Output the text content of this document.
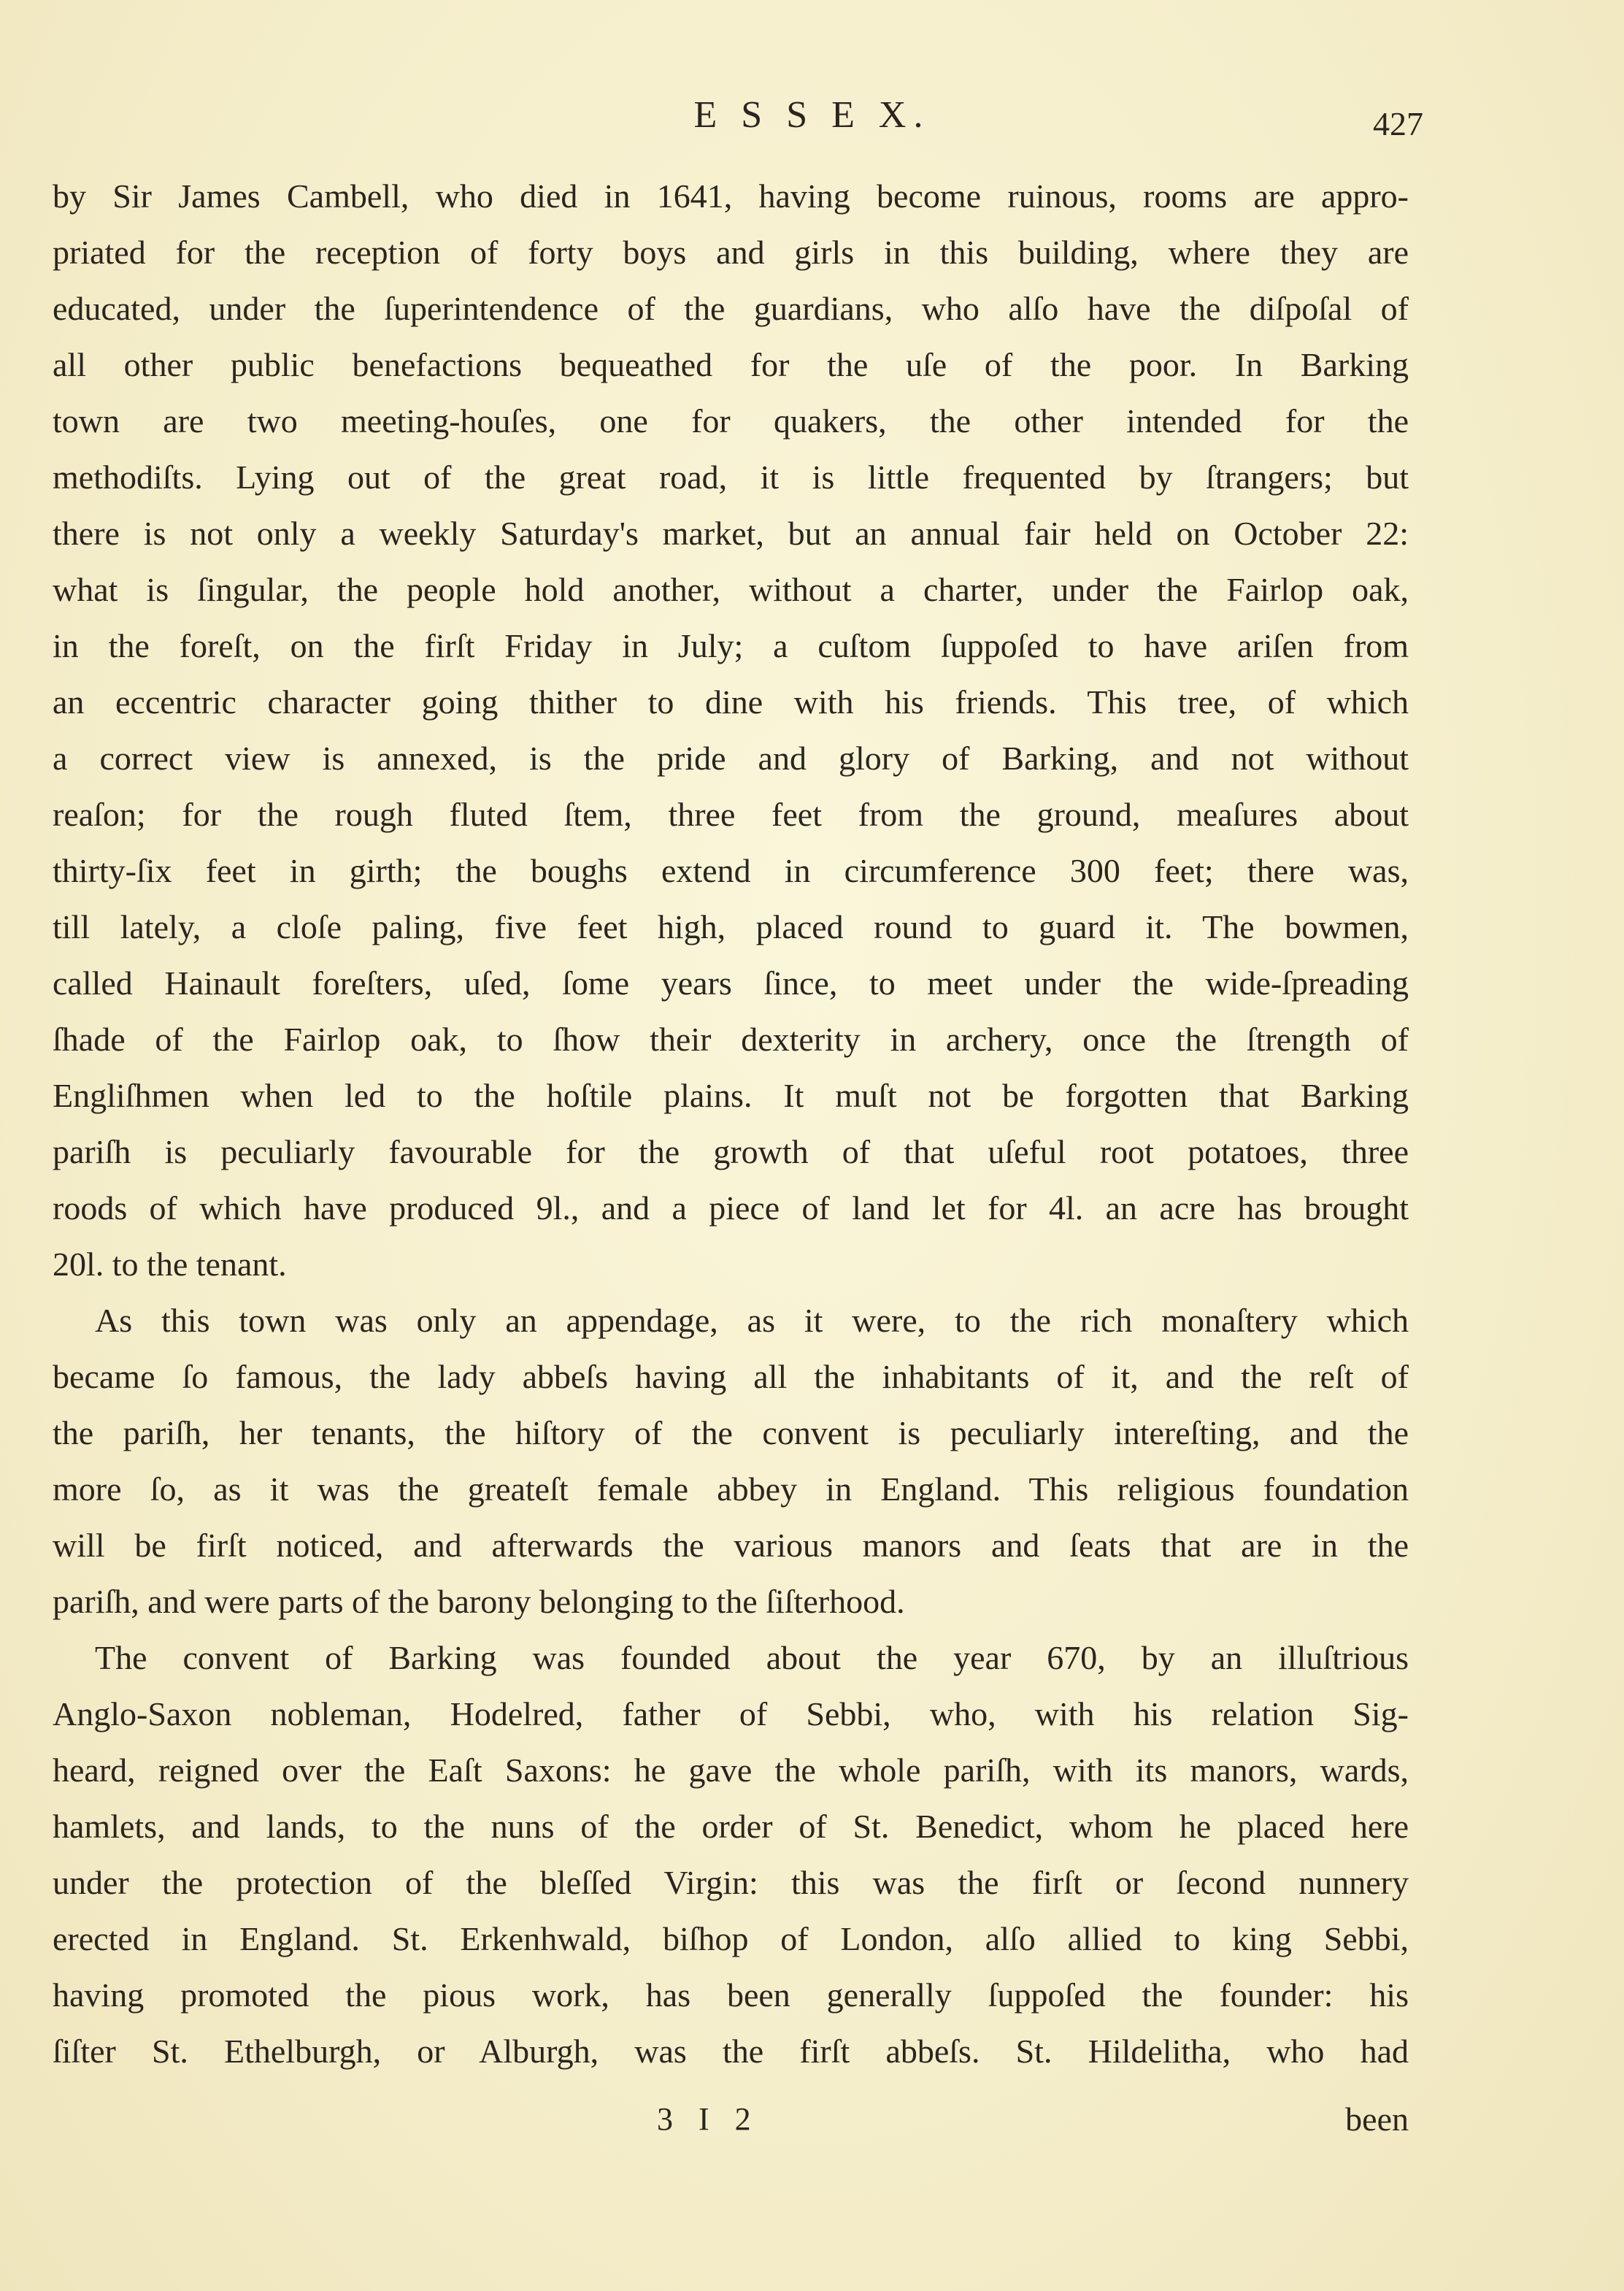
E S S E X.	427
by Sir James Cambell, who died in 1641, having become ruinous, rooms are appro-
priated for the reception of forty boys and girls in this building, where they are
educated, under the ſuperintendence of the guardians, who alſo have the diſpoſal of
all other public benefactions bequeathed for the uſe of the poor. In Barking
town are two meeting-houſes, one for quakers, the other intended for the
methodiſts. Lying out of the great road, it is little frequented by ſtrangers; but
there is not only a weekly Saturday's market, but an annual fair held on October 22:
what is ſingular, the people hold another, without a charter, under the Fairlop oak,
in the foreſt, on the firſt Friday in July; a cuſtom ſuppoſed to have ariſen from
an eccentric character going thither to dine with his friends. This tree, of which
a correct view is annexed, is the pride and glory of Barking, and not without
reaſon; for the rough fluted ſtem, three feet from the ground, meaſures about
thirty-ſix feet in girth; the boughs extend in circumference 300 feet; there was,
till lately, a cloſe paling, five feet high, placed round to guard it. The bowmen,
called Hainault foreſters, uſed, ſome years ſince, to meet under the wide-ſpreading
ſhade of the Fairlop oak, to ſhow their dexterity in archery, once the ſtrength of
Engliſhmen when led to the hoſtile plains. It muſt not be forgotten that Barking
pariſh is peculiarly favourable for the growth of that uſeful root potatoes, three
roods of which have produced 9l., and a piece of land let for 4l. an acre has brought
20l. to the tenant.
As this town was only an appendage, as it were, to the rich monaſtery which
became ſo famous, the lady abbeſs having all the inhabitants of it, and the reſt of
the pariſh, her tenants, the hiſtory of the convent is peculiarly intereſting, and the
more ſo, as it was the greateſt female abbey in England. This religious foundation
will be firſt noticed, and afterwards the various manors and ſeats that are in the
pariſh, and were parts of the barony belonging to the ſiſterhood.
The convent of Barking was founded about the year 670, by an illuſtrious
Anglo-Saxon nobleman, Hodelred, father of Sebbi, who, with his relation Sig-
heard, reigned over the Eaſt Saxons: he gave the whole pariſh, with its manors, wards,
hamlets, and lands, to the nuns of the order of St. Benedict, whom he placed here
under the protection of the bleſſed Virgin: this was the firſt or ſecond nunnery
erected in England. St. Erkenhwald, biſhop of London, alſo allied to king Sebbi,
having promoted the pious work, has been generally ſuppoſed the founder: his
ſiſter St. Ethelburgh, or Alburgh, was the firſt abbeſs. St. Hildelitha, who had
3 I 2	been
